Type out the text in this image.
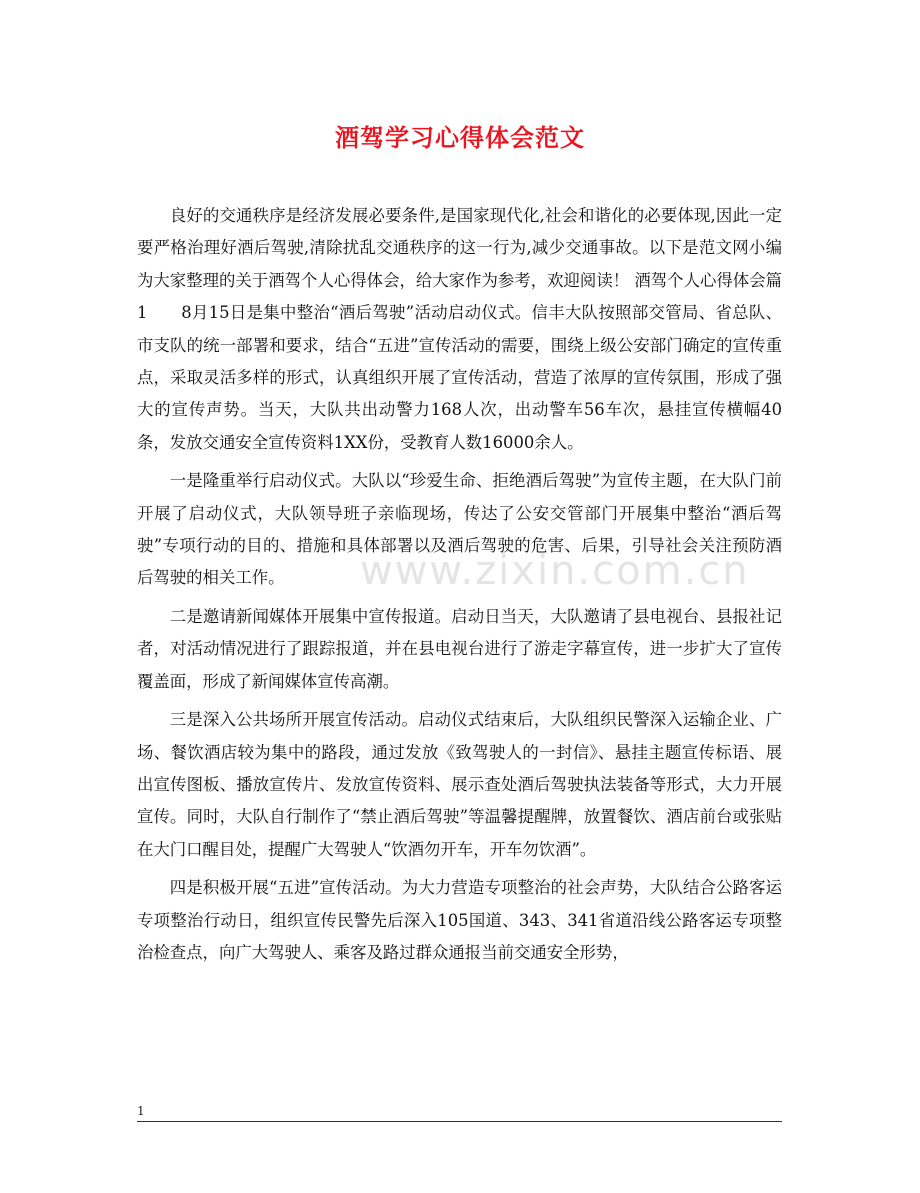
酒驾学习心得体会范文
www.zixin.com.cn

良好的交通秩序是经济发展必要条件,是国家现代化,社会和谐化的必要体现,因此一定要严格治理好酒后驾驶,清除扰乱交通秩序的这一行为,减少交通事故。以下是范文网小编为大家整理的关于酒驾个人心得体会，给大家作为参考，欢迎阅读！ 酒驾个人心得体会篇1　　8月15日是集中整治“酒后驾驶”活动启动仪式。信丰大队按照部交管局、省总队、市支队的统一部署和要求，结合“五进”宣传活动的需要，围绕上级公安部门确定的宣传重点，采取灵活多样的形式，认真组织开展了宣传活动，营造了浓厚的宣传氛围，形成了强大的宣传声势。当天，大队共出动警力168人次，出动警车56车次，悬挂宣传横幅40条，发放交通安全宣传资料1XX份，受教育人数16000余人。

一是隆重举行启动仪式。大队以“珍爱生命、拒绝酒后驾驶”为宣传主题，在大队门前开展了启动仪式，大队领导班子亲临现场，传达了公安交管部门开展集中整治“酒后驾驶”专项行动的目的、措施和具体部署以及酒后驾驶的危害、后果，引导社会关注预防酒后驾驶的相关工作。

二是邀请新闻媒体开展集中宣传报道。启动日当天，大队邀请了县电视台、县报社记者，对活动情况进行了跟踪报道，并在县电视台进行了游走字幕宣传，进一步扩大了宣传覆盖面，形成了新闻媒体宣传高潮。

三是深入公共场所开展宣传活动。启动仪式结束后，大队组织民警深入运输企业、广场、餐饮酒店较为集中的路段，通过发放《致驾驶人的一封信》、悬挂主题宣传标语、展出宣传图板、播放宣传片、发放宣传资料、展示查处酒后驾驶执法装备等形式，大力开展宣传。同时，大队自行制作了“禁止酒后驾驶”等温馨提醒牌，放置餐饮、酒店前台或张贴在大门口醒目处，提醒广大驾驶人“饮酒勿开车，开车勿饮酒”。

四是积极开展“五进”宣传活动。为大力营造专项整治的社会声势，大队结合公路客运专项整治行动日，组织宣传民警先后深入105国道、343、341省道沿线公路客运专项整治检查点，向广大驾驶人、乘客及路过群众通报当前交通安全形势，

1
